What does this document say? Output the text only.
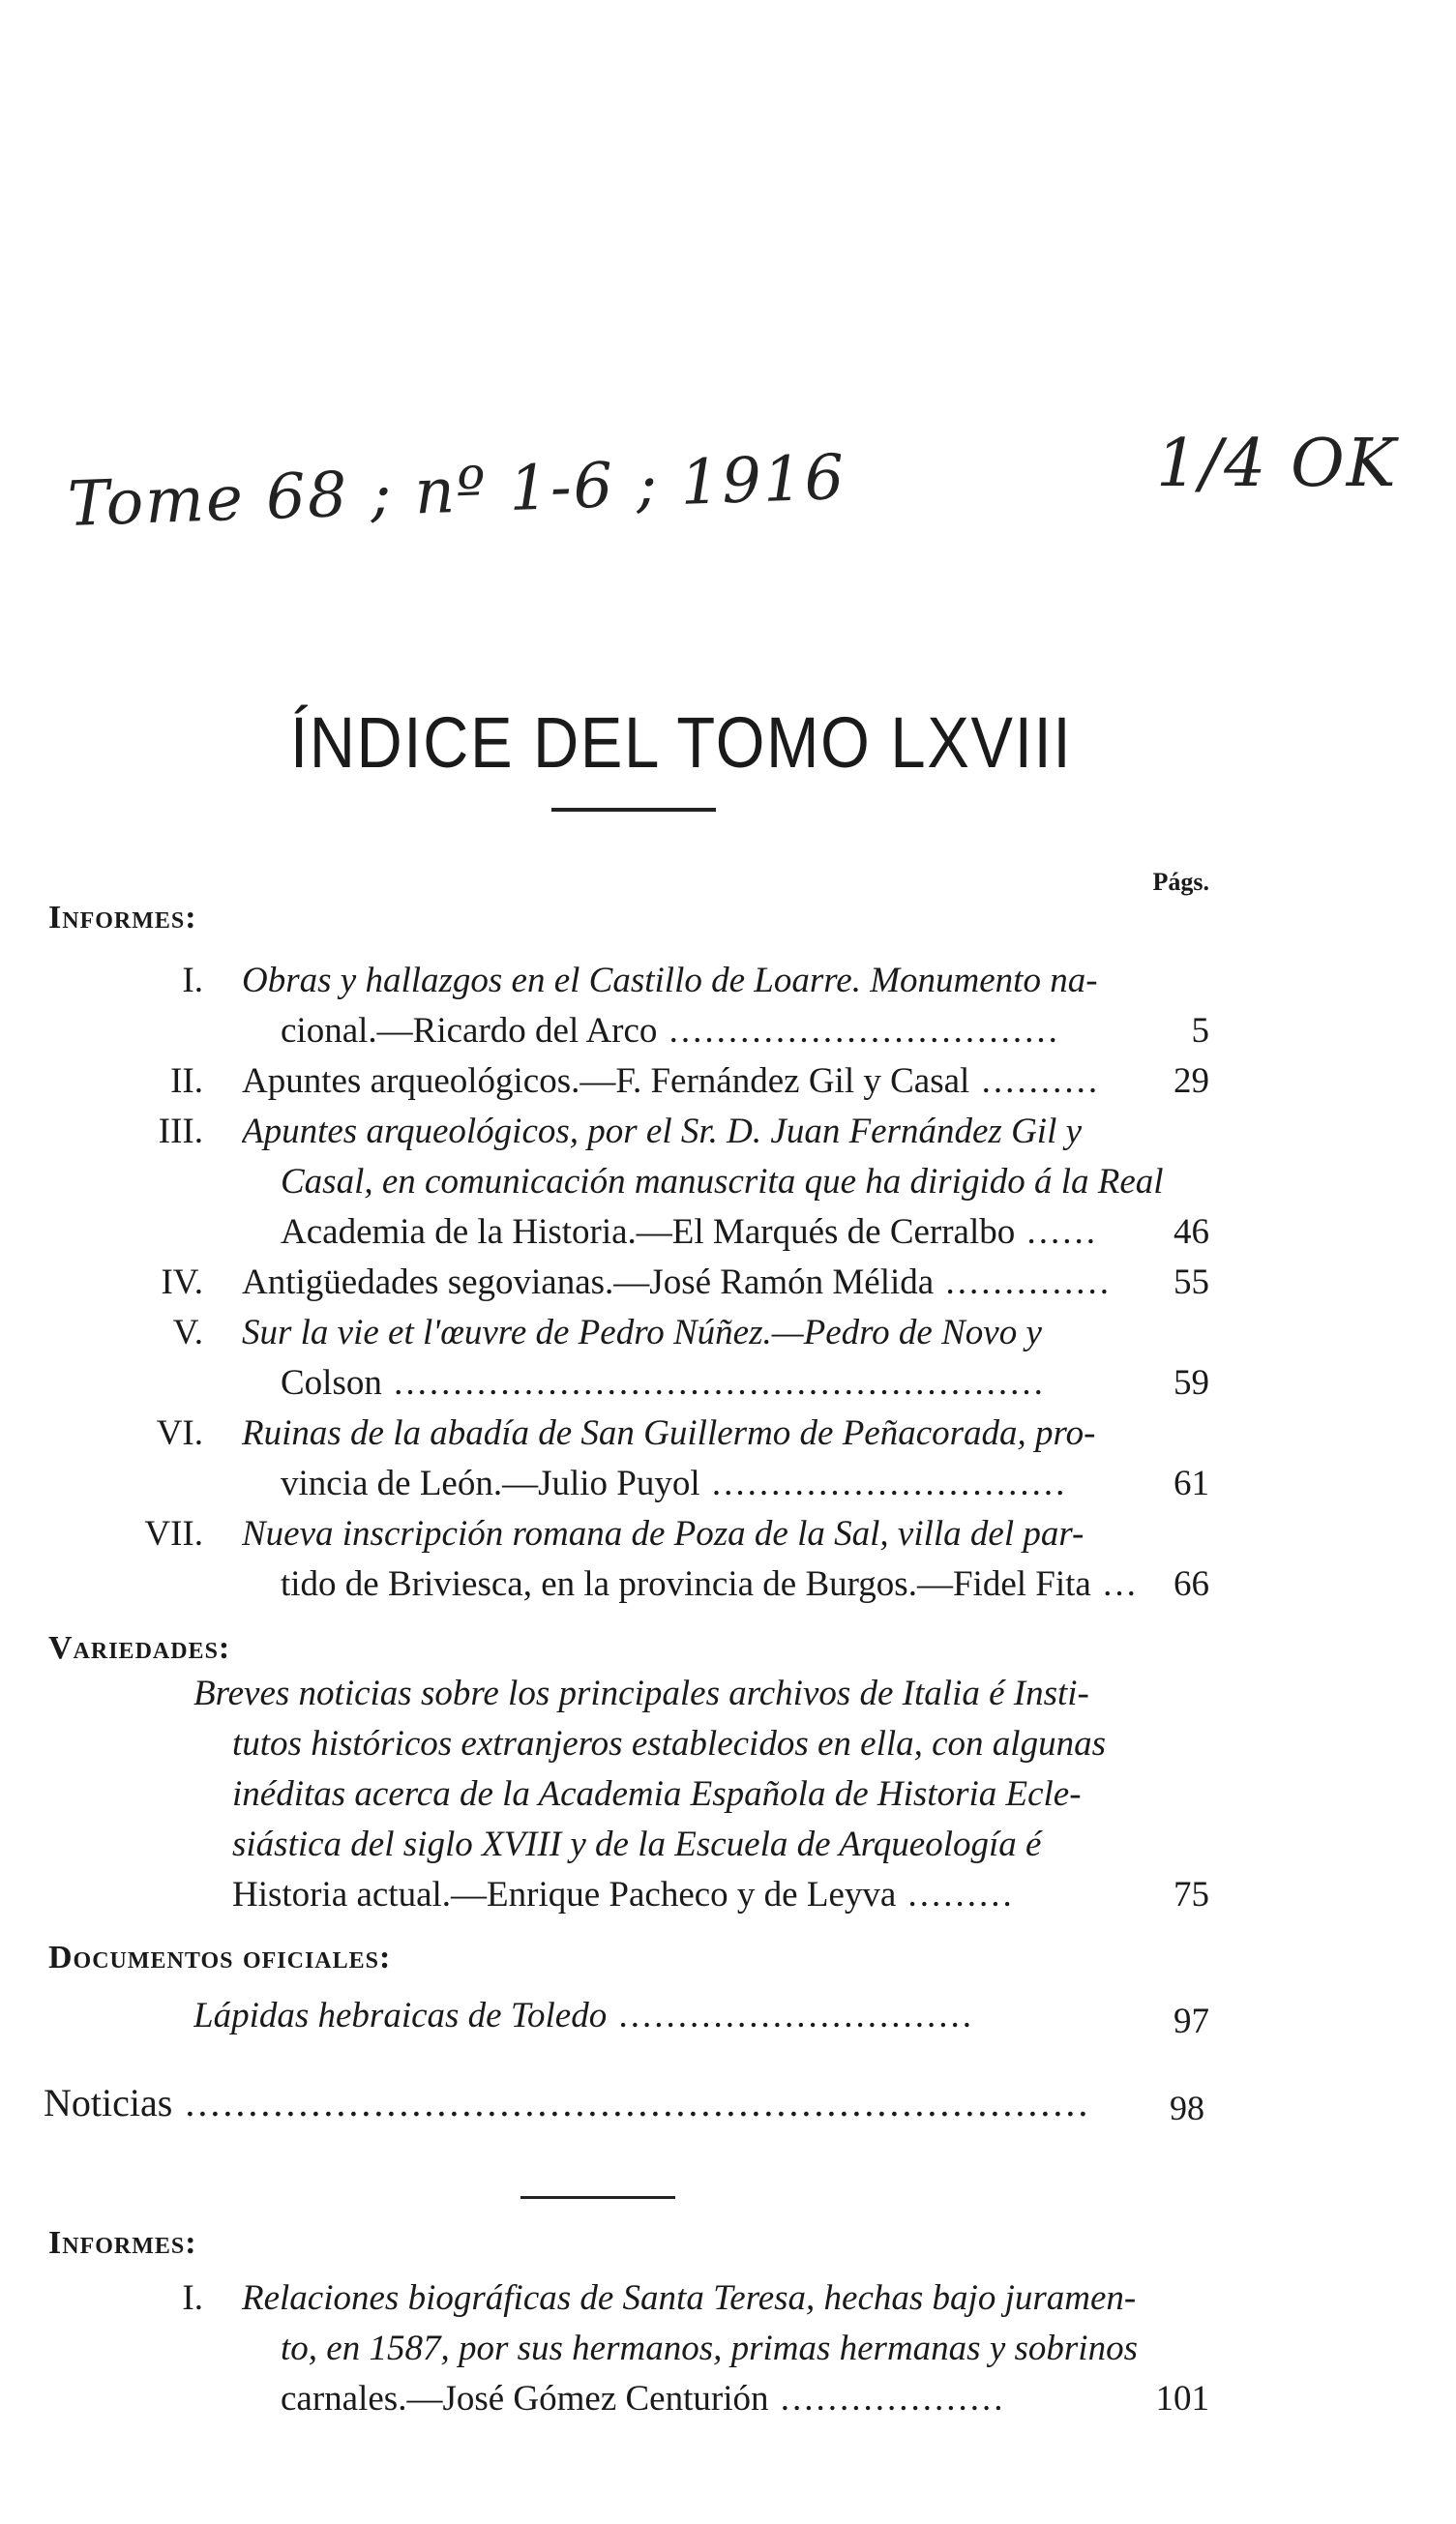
Tome 68 ; nº 1-6 ; 1916	1/4 OK
ÍNDICE DEL TOMO LXVIII
Págs.
Informes:
I. Obras y hallazgos en el Castillo de Loarre. Monumento na-
cional.—Ricardo del Arco .................................	5
II. Apuntes arqueológicos.—F. Fernández Gil y Casal ..........	29
III. Apuntes arqueológicos, por el Sr. D. Juan Fernández Gil y
Casal, en comunicación manuscrita que ha dirigido á la Real
Academia de la Historia.—El Marqués de Cerralbo ......	46
IV. Antigüedades segovianas.—José Ramón Mélida ..............	55
V. Sur la vie et l'œuvre de Pedro Núñez.—Pedro de Novo y
Colson .......................................................	59
VI. Ruinas de la abadía de San Guillermo de Peñacorada, pro-
vincia de León.—Julio Puyol ..............................	61
VII. Nueva inscripción romana de Poza de la Sal, villa del par-
tido de Briviesca, en la provincia de Burgos.—Fidel Fita ... 66
Variedades:
Breves noticias sobre los principales archivos de Italia é Insti-
tutos históricos extranjeros establecidos en ella, con algunas
inéditas acerca de la Academia Española de Historia Ecle-
siástica del siglo XVIII y de la Escuela de Arqueología é
Historia actual.—Enrique Pacheco y de Leyva .........	75
Documentos oficiales:
Lápidas hebraicas de Toledo ..............................	97
Noticias ........................................................................ 98
Informes:
I. Relaciones biográficas de Santa Teresa, hechas bajo juramen-
to, en 1587, por sus hermanos, primas hermanas y sobrinos
carnales.—José Gómez Centurión ...................	101
